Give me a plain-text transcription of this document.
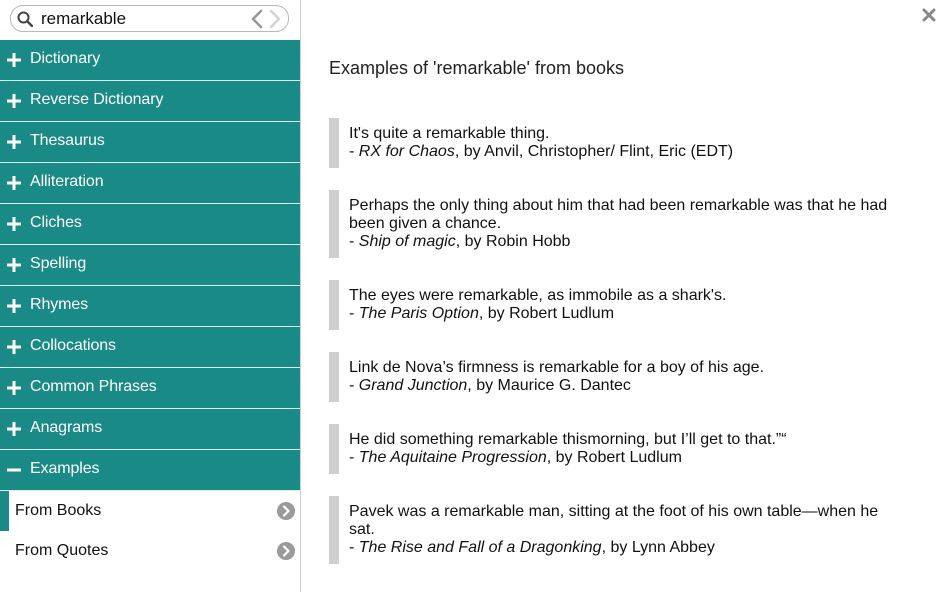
remarkable
Dictionary
Reverse Dictionary
Thesaurus
Alliteration
Cliches
Spelling
Rhymes
Collocations
Common Phrases
Anagrams
Examples
From Books
From Quotes
Examples of 'remarkable' from books
It's quite a remarkable thing.
- RX for Chaos, by Anvil, Christopher/ Flint, Eric (EDT)
Perhaps the only thing about him that had been remarkable was that he had been given a chance.
- Ship of magic, by Robin Hobb
The eyes were remarkable, as immobile as a shark's.
- The Paris Option, by Robert Ludlum
Link de Nova’s firmness is remarkable for a boy of his age.
- Grand Junction, by Maurice G. Dantec
He did something remarkable thismorning, but I’ll get to that.”“
- The Aquitaine Progression, by Robert Ludlum
Pavek was a remarkable man, sitting at the foot of his own table—when he sat.
- The Rise and Fall of a Dragonking, by Lynn Abbey
